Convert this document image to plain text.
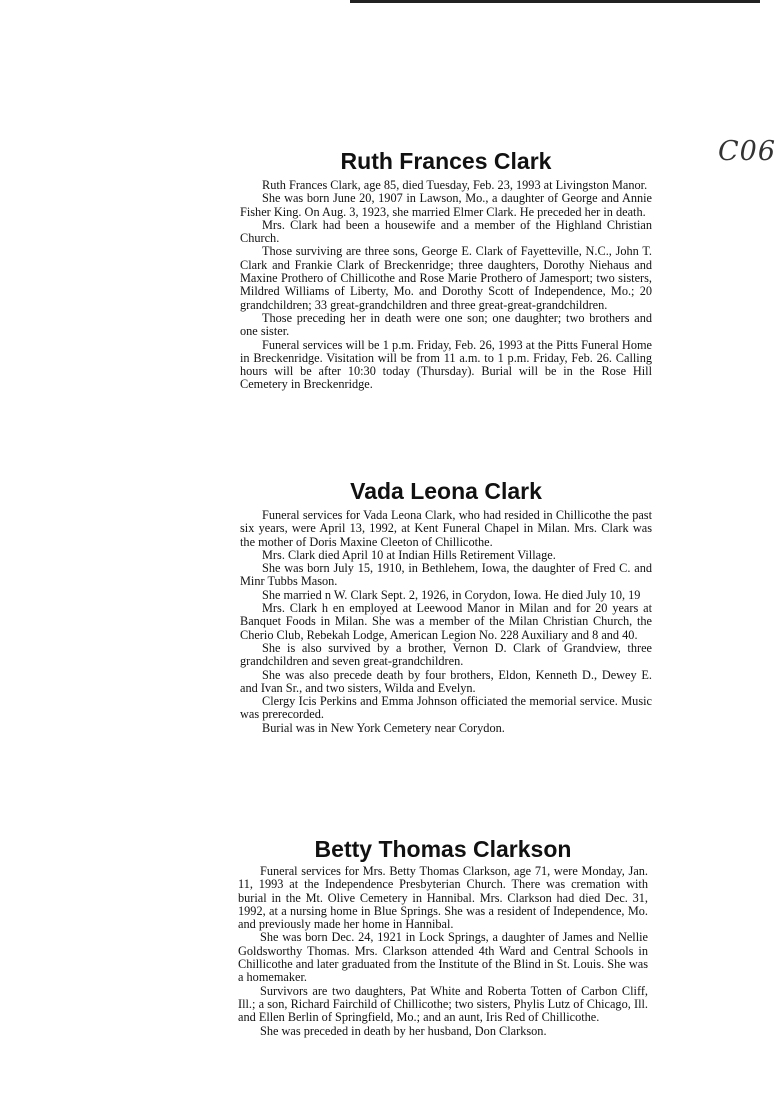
C06
Ruth Frances Clark

Ruth Frances Clark, age 85, died Tuesday, Feb. 23, 1993 at Livingston Manor.

She was born June 20, 1907 in Lawson, Mo., a daughter of George and Annie Fisher King. On Aug. 3, 1923, she married Elmer Clark. He preceded her in death.

Mrs. Clark had been a housewife and a member of the Highland Christian Church.

Those surviving are three sons, George E. Clark of Fayetteville, N.C., John T. Clark and Frankie Clark of Breckenridge; three daughters, Dorothy Niehaus and Maxine Prothero of Chillicothe and Rose Marie Prothero of Jamesport; two sisters, Mildred Williams of Liberty, Mo. and Dorothy Scott of Independence, Mo.; 20 grandchildren; 33 great-grandchildren and three great-great-grandchildren.

Those preceding her in death were one son; one daughter; two brothers and one sister.

Funeral services will be 1 p.m. Friday, Feb. 26, 1993 at the Pitts Funeral Home in Breckenridge. Visitation will be from 11 a.m. to 1 p.m. Friday, Feb. 26. Calling hours will be after 10:30 today (Thursday). Burial will be in the Rose Hill Cemetery in Breckenridge.

Vada Leona Clark

Funeral services for Vada Leona Clark, who had resided in Chillicothe the past six years, were April 13, 1992, at Kent Funeral Chapel in Milan. Mrs. Clark was the mother of Doris Maxine Cleeton of Chillicothe.

Mrs. Clark died April 10 at Indian Hills Retirement Village.

She was born July 15, 1910, in Bethlehem, Iowa, the daughter of Fred C. and Minr Tubbs Mason.

She married n W. Clark Sept. 2, 1926, in Corydon, Iowa. He died July 10, 19

Mrs. Clark h en employed at Leewood Manor in Milan and for 20 years at Banquet Foods in Milan. She was a member of the Milan Christian Church, the Cherio Club, Rebekah Lodge, American Legion No. 228 Auxiliary and 8 and 40.

She is also survived by a brother, Vernon D. Clark of Grandview, three grandchildren and seven great-grandchildren.

She was also precede death by four brothers, Eldon, Kenneth D., Dewey E. and Ivan Sr., and two sisters, Wilda and Evelyn.

Clergy Icis Perkins and Emma Johnson officiated the memorial service. Music was prerecorded.

Burial was in New York Cemetery near Corydon.

Betty Thomas Clarkson

Funeral services for Mrs. Betty Thomas Clarkson, age 71, were Monday, Jan. 11, 1993 at the Independence Presbyterian Church. There was cremation with burial in the Mt. Olive Cemetery in Hannibal. Mrs. Clarkson had died Dec. 31, 1992, at a nursing home in Blue Springs. She was a resident of Independence, Mo. and previously made her home in Hannibal.

She was born Dec. 24, 1921 in Lock Springs, a daughter of James and Nellie Goldsworthy Thomas. Mrs. Clarkson attended 4th Ward and Central Schools in Chillicothe and later graduated from the Institute of the Blind in St. Louis. She was a homemaker.

Survivors are two daughters, Pat White and Roberta Totten of Carbon Cliff, Ill.; a son, Richard Fairchild of Chillicothe; two sisters, Phylis Lutz of Chicago, Ill. and Ellen Berlin of Springfield, Mo.; and an aunt, Iris Red of Chillicothe.

She was preceded in death by her husband, Don Clarkson.
